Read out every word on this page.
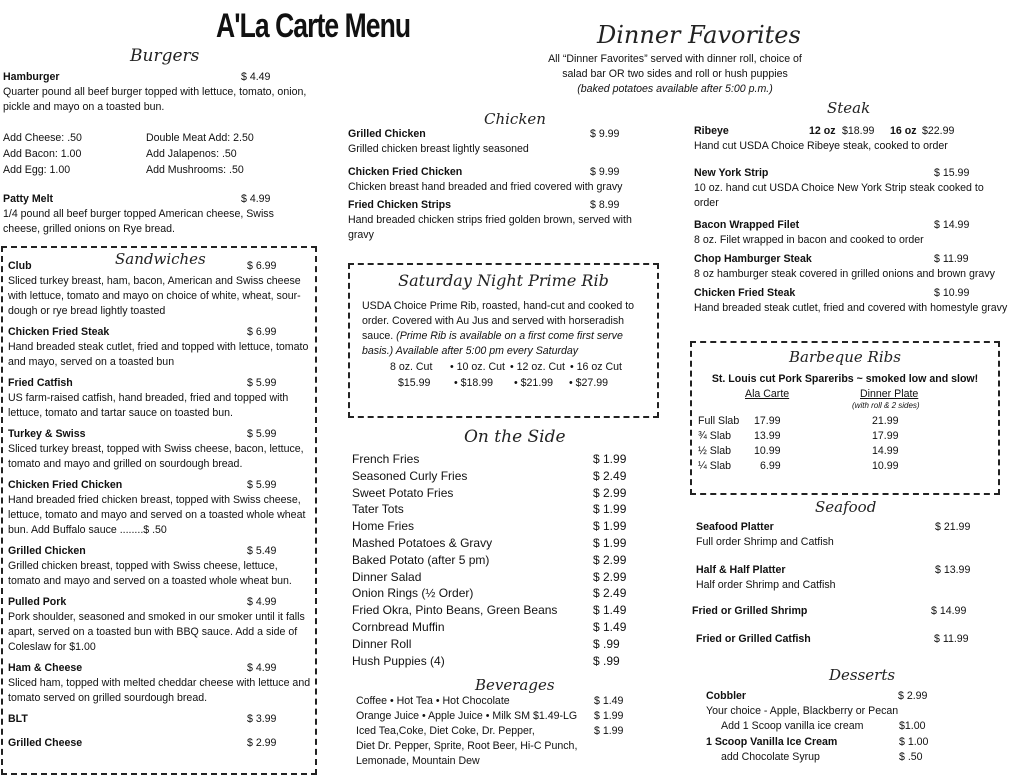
A'La Carte Menu
Burgers
Hamburger	$ 4.49
Quarter pound all beef burger topped with lettuce, tomato, onion, pickle and mayo on a toasted bun.
Add Cheese: .50	Double Meat Add: 2.50
Add Bacon: 1.00	Add Jalapenos: .50
Add Egg: 1.00	Add Mushrooms: .50
Patty Melt	$ 4.99
1/4 pound all beef burger topped American cheese, Swiss cheese, grilled onions on Rye bread.
Sandwiches
Club	$ 6.99
Sliced turkey breast, ham, bacon, American and Swiss cheese with lettuce, tomato and mayo on choice of white, wheat, sour-dough or rye bread lightly toasted
Chicken Fried Steak	$ 6.99
Hand breaded steak cutlet, fried and topped with lettuce, tomato and mayo, served on a toasted bun
Fried Catfish	$ 5.99
US farm-raised catfish, hand breaded, fried and topped with lettuce, tomato and tartar sauce on toasted bun.
Turkey & Swiss	$ 5.99
Sliced turkey breast, topped with Swiss cheese, bacon, lettuce, tomato and mayo and grilled on sourdough bread.
Chicken Fried Chicken	$ 5.99
Hand breaded fried chicken breast, topped with Swiss cheese, lettuce, tomato and mayo and served on a toasted whole wheat bun. Add Buffalo sauce ........$ .50
Grilled Chicken	$ 5.49
Grilled chicken breast, topped with Swiss cheese, lettuce, tomato and mayo and served on a toasted whole wheat bun.
Pulled Pork	$ 4.99
Pork shoulder, seasoned and smoked in our smoker until it falls apart, served on a toasted bun with BBQ sauce. Add a side of Coleslaw for $1.00
Ham & Cheese	$ 4.99
Sliced ham, topped with melted cheddar cheese with lettuce and tomato served on grilled sourdough bread.
BLT	$ 3.99
Grilled Cheese	$ 2.99
Dinner Favorites
All “Dinner Favorites” served with dinner roll, choice of
salad bar OR two sides and roll or hush puppies
(baked potatoes available after 5:00 p.m.)
Chicken
Grilled Chicken	$ 9.99
Grilled chicken breast lightly seasoned
Chicken Fried Chicken	$ 9.99
Chicken breast hand breaded and fried covered with gravy
Fried Chicken Strips	$ 8.99
Hand breaded chicken strips fried golden brown, served with gravy
Saturday Night Prime Rib
USDA Choice Prime Rib, roasted, hand-cut and cooked to order. Covered with Au Jus and served with horseradish sauce. (Prime Rib is available on a first come first serve basis.) Available after 5:00 pm every Saturday
8 oz. Cut • 10 oz. Cut • 12 oz. Cut • 16 oz Cut
$15.99 • $18.99 • $21.99 • $27.99
On the Side
French Fries	$ 1.99
Seasoned Curly Fries	$ 2.49
Sweet Potato Fries	$ 2.99
Tater Tots	$ 1.99
Home Fries	$ 1.99
Mashed Potatoes & Gravy	$ 1.99
Baked Potato (after 5 pm)	$ 2.99
Dinner Salad	$ 2.99
Onion Rings (½ Order)	$ 2.49
Fried Okra, Pinto Beans, Green Beans	$ 1.49
Cornbread Muffin	$ 1.49
Dinner Roll	$ .99
Hush Puppies (4)	$ .99
Beverages
Coffee • Hot Tea • Hot Chocolate	$ 1.49
Orange Juice • Apple Juice • Milk SM $1.49-LG $ 1.99
Iced Tea,Coke, Diet Coke, Dr. Pepper,	$ 1.99
Diet Dr. Pepper, Sprite, Root Beer, Hi-C Punch,
Lemonade, Mountain Dew
Steak
Ribeye	12 oz $18.99 16 oz $22.99
Hand cut USDA Choice Ribeye steak, cooked to order
New York Strip	$ 15.99
10 oz. hand cut USDA Choice New York Strip steak cooked to order
Bacon Wrapped Filet	$ 14.99
8 oz. Filet wrapped in bacon and cooked to order
Chop Hamburger Steak	$ 11.99
8 oz hamburger steak covered in grilled onions and brown gravy
Chicken Fried Steak	$ 10.99
Hand breaded steak cutlet, fried and covered with homestyle gravy
Barbeque Ribs
St. Louis cut Pork Spareribs ~ smoked low and slow!
Ala Carte	Dinner Plate
(with roll & 2 sides)
Full Slab 17.99	21.99
¾ Slab 13.99	17.99
½ Slab 10.99	14.99
¼ Slab	6.99	10.99
Seafood
Seafood Platter	$ 21.99
Full order Shrimp and Catfish
Half & Half Platter	$ 13.99
Half order Shrimp and Catfish
Fried or Grilled Shrimp	$ 14.99
Fried or Grilled Catfish	$ 11.99
Desserts
Cobbler	$ 2.99
Your choice - Apple, Blackberry or Pecan
Add 1 Scoop vanilla ice cream	$1.00
1 Scoop Vanilla Ice Cream	$ 1.00
add Chocolate Syrup	$ .50
